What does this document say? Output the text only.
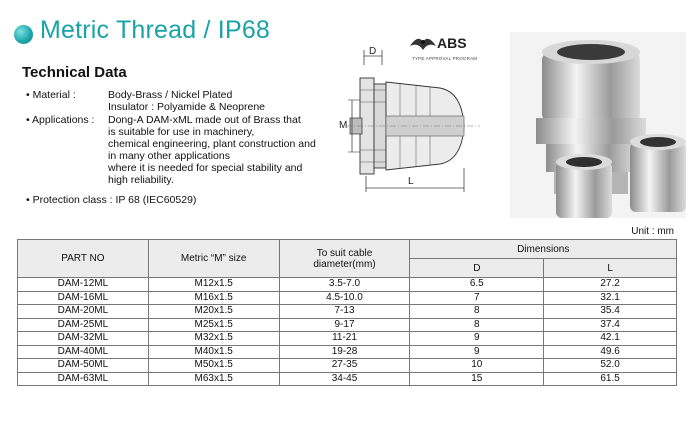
Metric Thread / IP68
Technical Data
• Material :	Body-Brass / Nickel Plated
Insulator : Polyamide & Neoprene
• Applications : Dong-A DAM-xML made out of Brass that
is suitable for use in machinery,
chemical engineering, plant construction and
in many other applications
where it is needed for special stability and
high reliability.
• Protection class : IP 68 (IEC60529)
D
M
L
ABS
TYPE APPROVAL PROGRAM
Unit : mm
PART NO	Metric “M” size	To suit cable
diameter(mm)	Dimensions	
			D	L
DAM-12ML	M12x1.5	3.5-7.0	6.5	27.2
DAM-16ML	M16x1.5	4.5-10.0	7	32.1
DAM-20ML	M20x1.5	7-13	8	35.4
DAM-25ML	M25x1.5	9-17	8	37.4
DAM-32ML	M32x1.5	11-21	9	42.1
DAM-40ML	M40x1.5	19-28	9	49.6
DAM-50ML	M50x1.5	27-35	10	52.0
DAM-63ML	M63x1.5	34-45	15	61.5
